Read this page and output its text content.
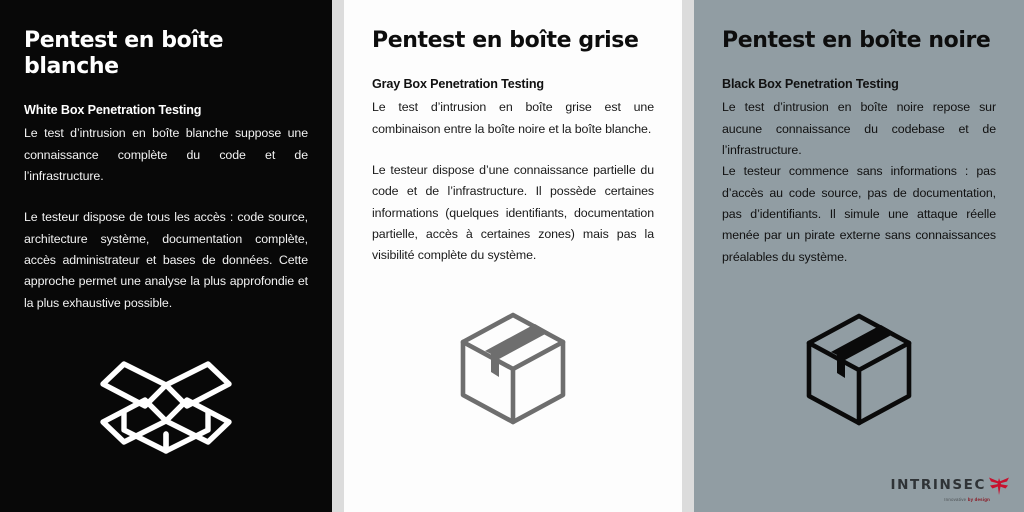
Pentest en boîte blanche

White Box Penetration Testing

Le test d’intrusion en boîte blanche suppose une connaissance complète du code et de l’infrastructure.

Le testeur dispose de tous les accès : code source, architecture système, documentation complète, accès administrateur et bases de données. Cette approche permet une analyse la plus approfondie et la plus exhaustive possible.

Pentest en boîte grise

Gray Box Penetration Testing

Le test d’intrusion en boîte grise est une combinaison entre la boîte noire et la boîte blanche.

Le testeur dispose d’une connaissance partielle du code et de l’infrastructure. Il possède certaines informations (quelques identifiants, documentation partielle, accès à certaines zones) mais pas la visibilité complète du système.

Pentest en boîte noire

Black Box Penetration Testing

Le test d’intrusion en boîte noire repose sur aucune connaissance du codebase et de l’infrastructure.

Le testeur commence sans informations : pas d’accès au code source, pas de documentation, pas d’identifiants. Il simule une attaque réelle menée par un pirate externe sans connaissances préalables du système.

INTRINSEC
Innovative by design
